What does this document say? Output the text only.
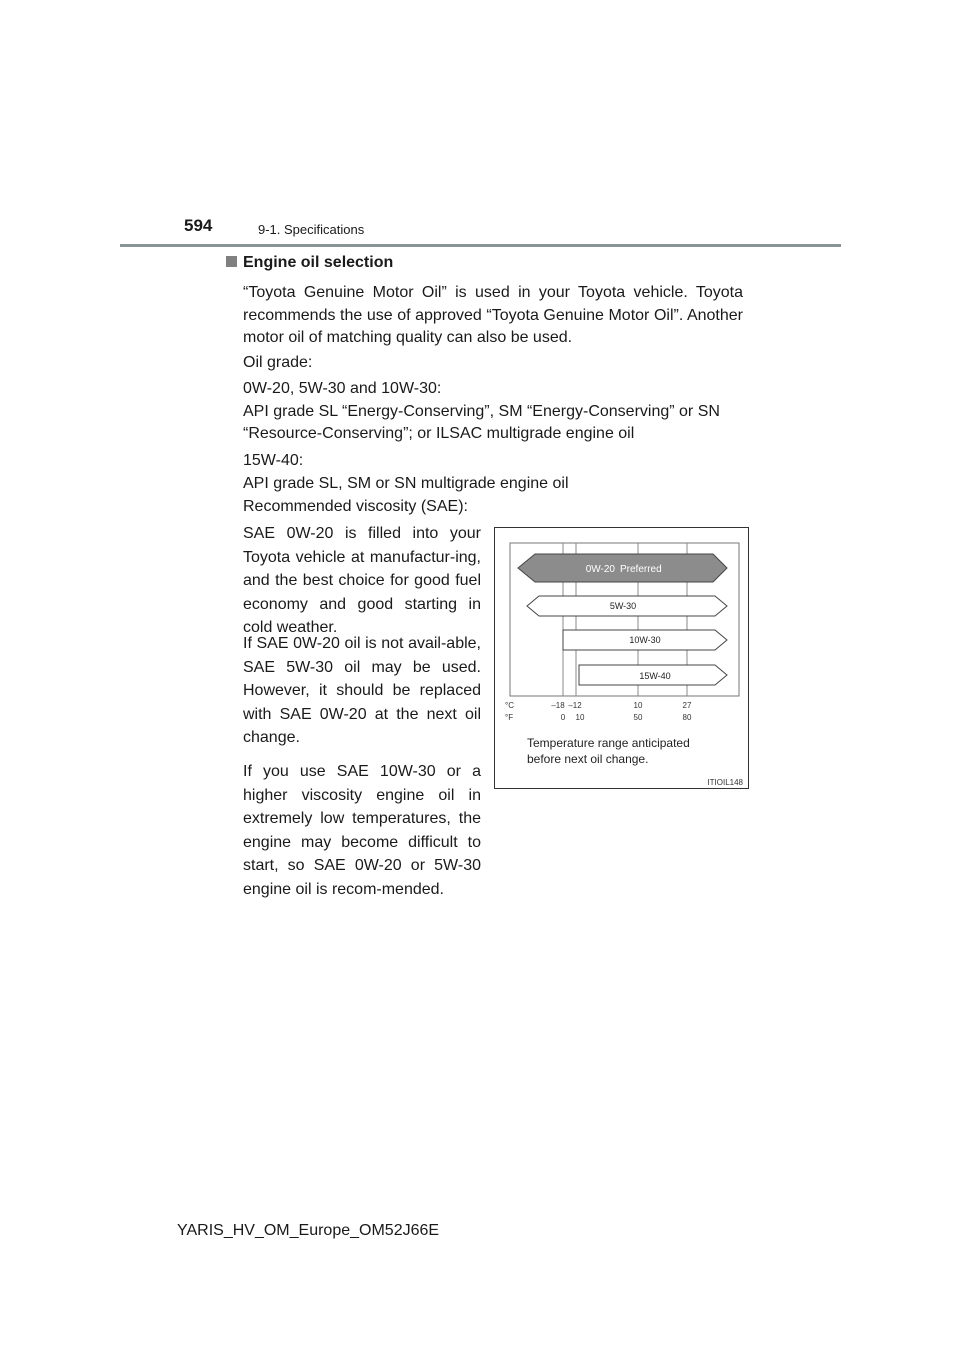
594	9-1. Specifications
Engine oil selection
“Toyota Genuine Motor Oil” is used in your Toyota vehicle. Toyota recommends the use of approved “Toyota Genuine Motor Oil”. Another motor oil of matching quality can also be used.
Oil grade:
0W-20, 5W-30 and 10W-30:
API grade SL “Energy-Conserving”, SM “Energy-Conserving” or SN “Resource-Conserving”; or ILSAC multigrade engine oil
15W-40:
API grade SL, SM or SN multigrade engine oil
Recommended viscosity (SAE):
SAE 0W-20 is filled into your Toyota vehicle at manufactur-ing, and the best choice for good fuel economy and good starting in cold weather.
If SAE 0W-20 oil is not avail-able, SAE 5W-30 oil may be used. However, it should be replaced with SAE 0W-20 at the next oil change.
If you use SAE 10W-30 or a higher viscosity engine oil in extremely low temperatures, the engine may become difficult to start, so SAE 0W-20 or 5W-30 engine oil is recom-mended.
0W-20 Preferred
5W-30
10W-30
15W-40
°C
°F
–18 –12	10	27
0 10	50	80
Temperature range anticipated before next oil change.
ITIOIL148
YARIS_HV_OM_Europe_OM52J66E
